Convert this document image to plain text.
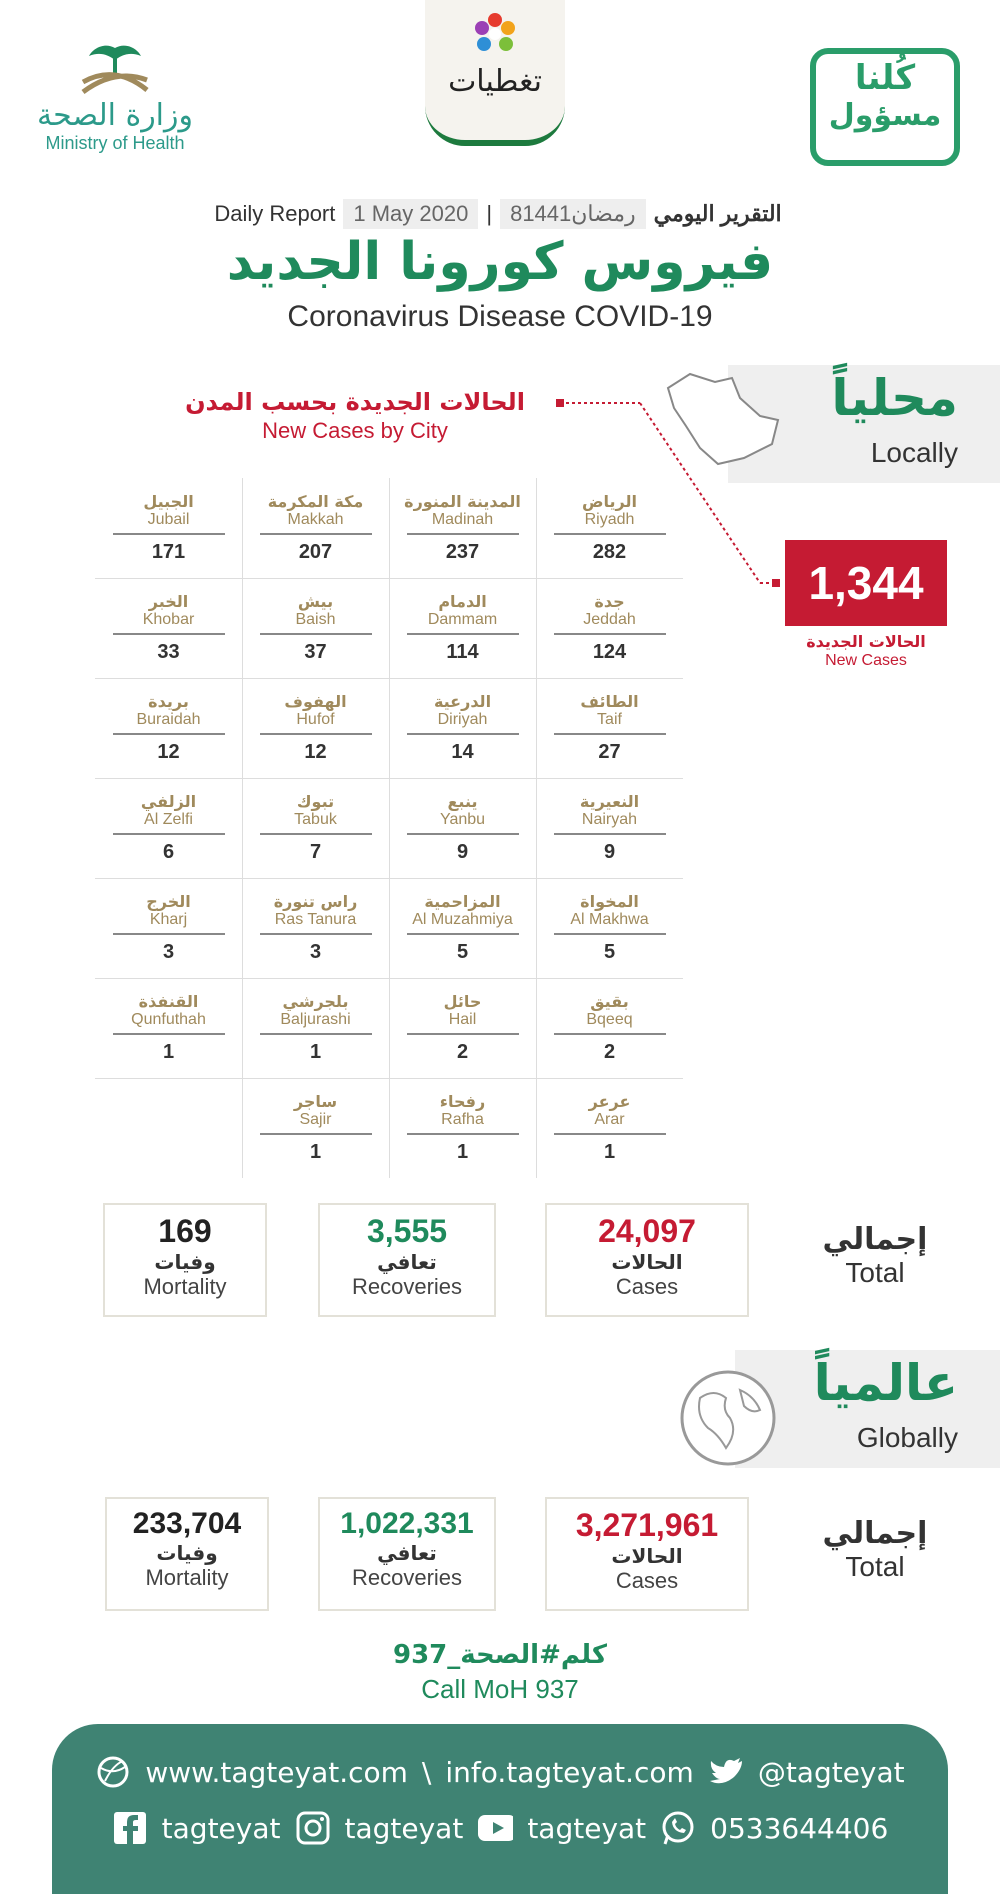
وزارة الصحة
Ministry of Health
تغطيات	كُلنا
مسؤول
Daily Report 1 May 2020 | 8رمضان1441 التقرير اليومي
فيروس كورونا الجديد
Coronavirus Disease COVID-19
محلياً
Locally
الحالات الجديدة بحسب المدن
New Cases by City
1,344
الحالات الجديدة
New Cases
الرياض
Riyadh
282
المدينة المنورة
Madinah
237
مكة المكرمة
Makkah
207
الجبيل
Jubail
171
جدة
Jeddah
124
الدمام
Dammam
114
بيش
Baish
37
الخبر
Khobar
33
الطائف
Taif
27
الدرعية
Diriyah
14
الهفوف
Hufof
12
بريدة
Buraidah
12
النعيرية
Nairyah
9
ينبع
Yanbu
9
تبوك
Tabuk
7
الزلفي
Al Zelfi
6
المخواة
Al Makhwa
5
المزاحمية
Al Muzahmiya
5
راس تنورة
Ras Tanura
3
الخرج
Kharj
3
بقيق
Bqeeq
2
حائل
Hail
2
بلجرشي
Baljurashi
1
القنفذة
Qunfuthah
1
عرعر
Arar
1
رفحاء
Rafha
1
ساجر
Sajir
1
24,097
الحالات
Cases
3,555
تعافي
Recoveries
169
وفيات
Mortality
إجمالي
Total
عالمياً
Globally
3,271,961
الحالات
Cases
1,022,331
تعافي
Recoveries
233,704
وفيات
Mortality
إجمالي
Total
كلم#الصحة_937
Call MoH 937
www.tagteyat.com \ info.tagteyat.com @tagteyat
tagteyat tagteyat tagteyat 0533644406
